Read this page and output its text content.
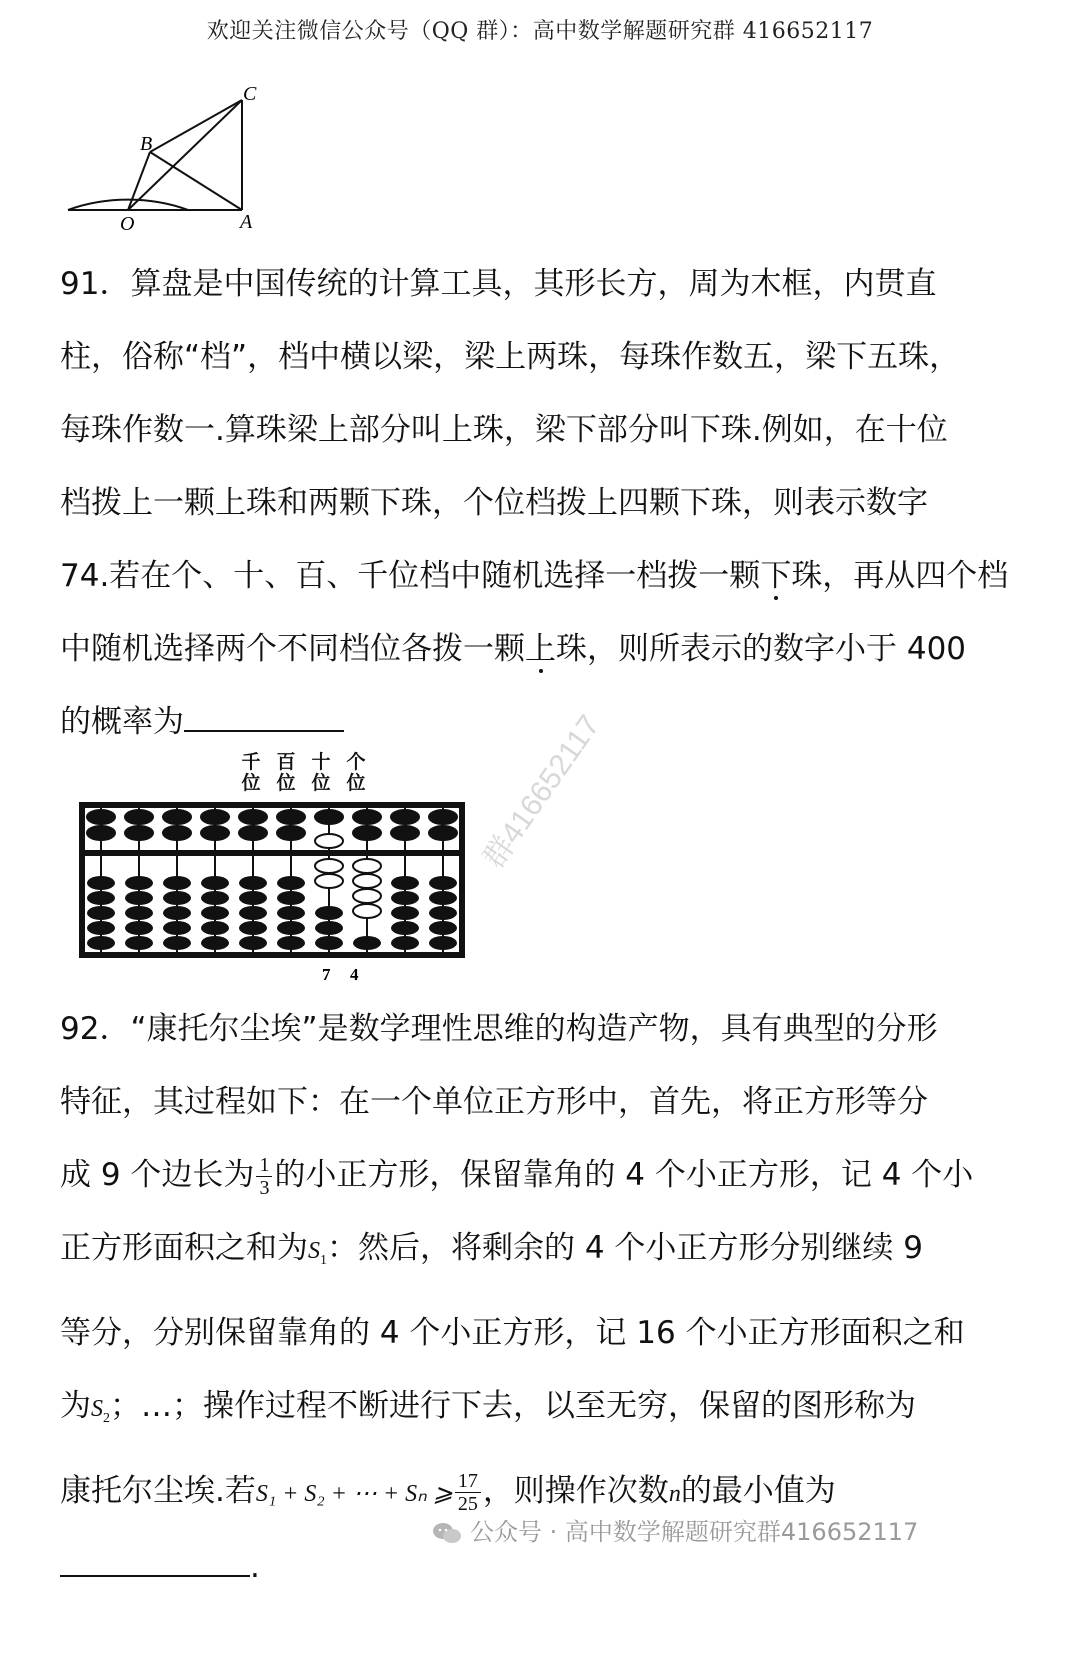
欢迎关注微信公众号（QQ 群）：高中数学解题研究群 416652117
C
B
O	A
91．算盘是中国传统的计算工具，其形长方，周为木框，内贯直
柱，俗称“档”，档中横以梁，梁上两珠，每珠作数五，梁下五珠，
每珠作数一.算珠梁上部分叫上珠，梁下部分叫下珠.例如，在十位
档拨上一颗上珠和两颗下珠，个位档拨上四颗下珠，则表示数字
74.若在个、十、百、千位档中随机选择一档拨一颗下珠，再从四个档
中随机选择两个不同档位各拨一颗上珠，则所表示的数字小于 400
的概率为
千
位
百
位
十
位
个
位
7 4
群416652117
92．“康托尔尘埃”是数学理性思维的构造产物，具有典型的分形
特征，其过程如下：在一个单位正方形中，首先，将正方形等分
成 9 个边长为 $\frac{1}{3}$ 的小正方形，保留靠角的 4 个小正方形，记 4 个小
正方形面积之和为$S_1$：然后，将剩余的 4 个小正方形分别继续 9
等分，分别保留靠角的 4 个小正方形，记 16 个小正方形面积之和
为$S_2$；…；操作过程不断进行下去，以至无穷，保留的图形称为
康托尔尘埃.若S₁ + S₂ + ⋯ + Sₙ ⩾ $\frac{17}{25}$ ，则操作次数n的最小值为
.
公众号 · 高中数学解题研究群416652117
